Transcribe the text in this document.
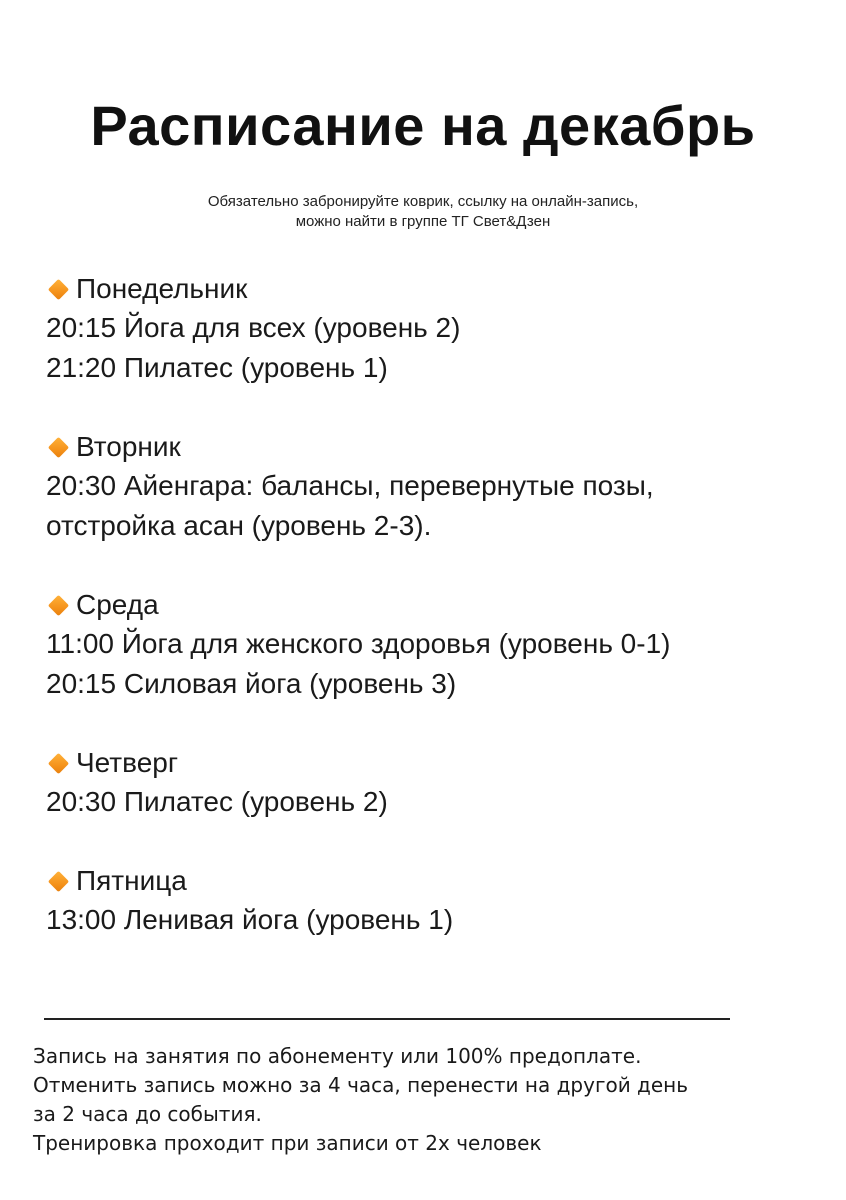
Расписание на декабрь
Обязательно забронируйте коврик, ссылку на онлайн-запись,
можно найти в группе ТГ Свет&Дзен
Понедельник
20:15 Йога для всех (уровень 2)
21:20 Пилатес (уровень 1)
Вторник
20:30 Айенгара: балансы, перевернутые позы,
отстройка асан (уровень 2-3).
Среда
11:00 Йога для женского здоровья (уровень 0-1)
20:15 Силовая йога (уровень 3)
Четверг
20:30 Пилатес (уровень 2)
Пятница
13:00 Ленивая йога (уровень 1)
Запись на занятия по абонементу или 100% предоплате.
Отменить запись можно за 4 часа, перенести на другой день
за 2 часа до события.
Тренировка проходит при записи от 2х человек
